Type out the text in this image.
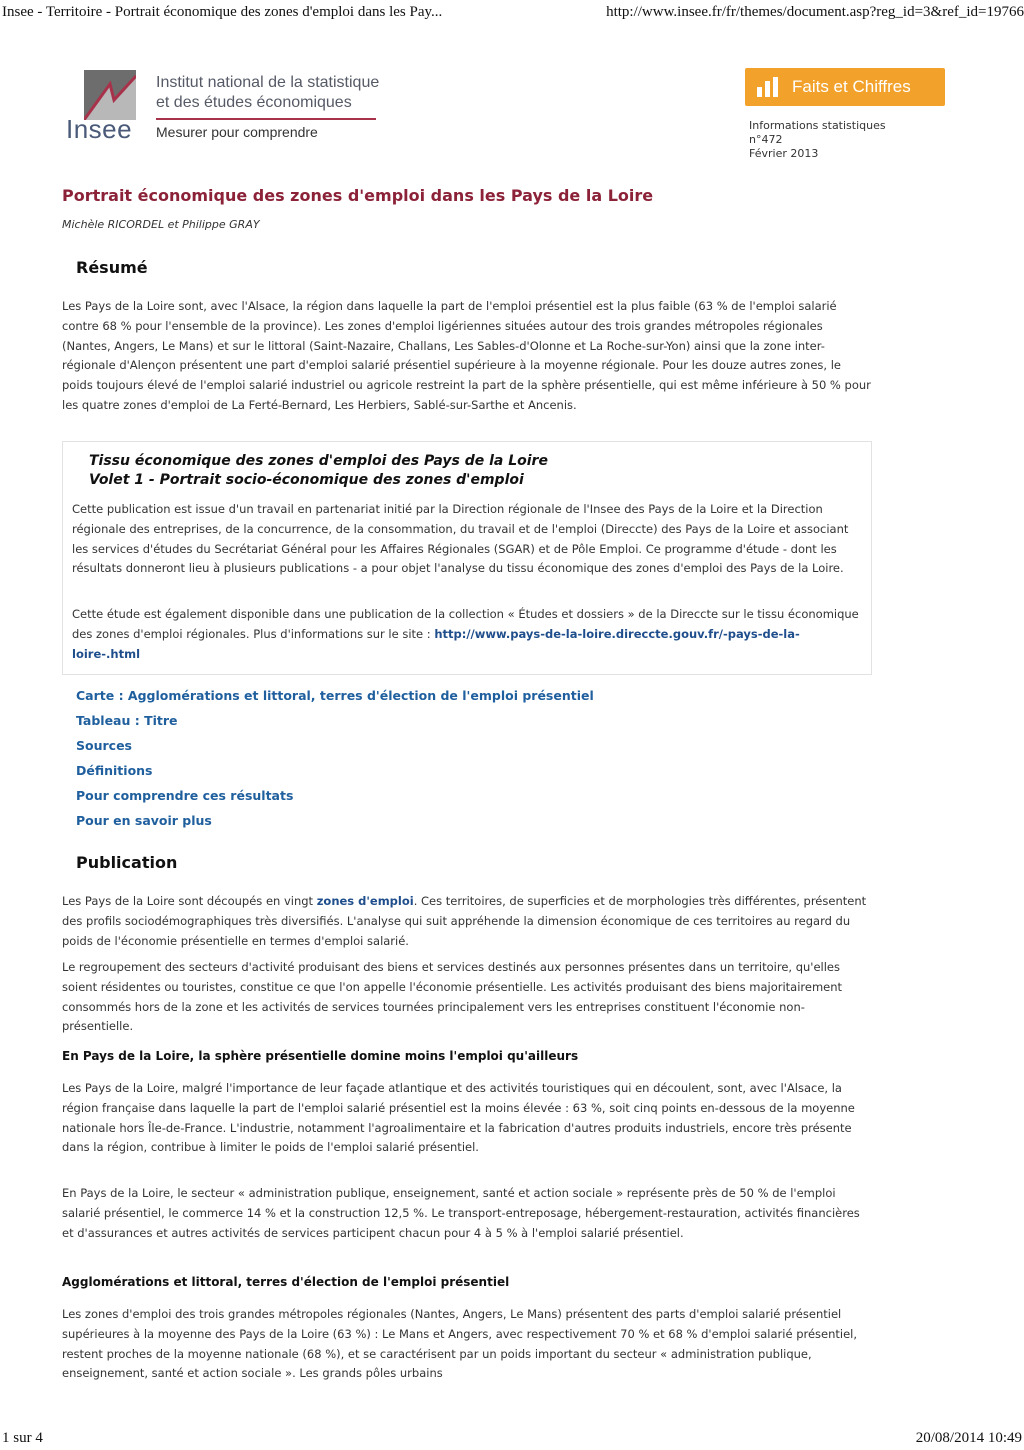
Insee - Territoire - Portrait économique des zones d'emploi dans les Pay...	http://www.insee.fr/fr/themes/document.asp?reg_id=3&ref_id=19766
Insee
Institut national de la statistique
et des études économiques
Mesurer pour comprendre
Faits et Chiffres
Informations statistiques
n°472
Février 2013
Portrait économique des zones d'emploi dans les Pays de la Loire
Michèle RICORDEL et Philippe GRAY
Résumé

Les Pays de la Loire sont, avec l'Alsace, la région dans laquelle la part de l'emploi présentiel est la plus faible (63 % de l'emploi salarié contre 68 % pour l'ensemble de la province). Les zones d'emploi ligériennes situées autour des trois grandes métropoles régionales (Nantes, Angers, Le Mans) et sur le littoral (Saint-Nazaire, Challans, Les Sables-d'Olonne et La Roche-sur-Yon) ainsi que la zone inter-régionale d'Alençon présentent une part d'emploi salarié présentiel supérieure à la moyenne régionale. Pour les douze autres zones, le poids toujours élevé de l'emploi salarié industriel ou agricole restreint la part de la sphère présentielle, qui est même inférieure à 50 % pour les quatre zones d'emploi de La Ferté-Bernard, Les Herbiers, Sablé-sur-Sarthe et Ancenis.

Tissu économique des zones d'emploi des Pays de la Loire
Volet 1 - Portrait socio-économique des zones d'emploi

Cette publication est issue d'un travail en partenariat initié par la Direction régionale de l'Insee des Pays de la Loire et la Direction régionale des entreprises, de la concurrence, de la consommation, du travail et de l'emploi (Direccte) des Pays de la Loire et associant les services d'études du Secrétariat Général pour les Affaires Régionales (SGAR) et de Pôle Emploi. Ce programme d'étude - dont les résultats donneront lieu à plusieurs publications - a pour objet l'analyse du tissu économique des zones d'emploi des Pays de la Loire.

Cette étude est également disponible dans une publication de la collection « Études et dossiers » de la Direccte sur le tissu économique des zones d'emploi régionales. Plus d'informations sur le site : http://www.pays-de-la-loire.direccte.gouv.fr/-pays-de-la-loire-.html

Carte : Agglomérations et littoral, terres d'élection de l'emploi présentiel
Tableau : Titre
Sources
Définitions
Pour comprendre ces résultats
Pour en savoir plus
Publication

Les Pays de la Loire sont découpés en vingt zones d'emploi. Ces territoires, de superficies et de morphologies très différentes, présentent des profils sociodémographiques très diversifiés. L'analyse qui suit appréhende la dimension économique de ces territoires au regard du poids de l'économie présentielle en termes d'emploi salarié.

Le regroupement des secteurs d'activité produisant des biens et services destinés aux personnes présentes dans un territoire, qu'elles soient résidentes ou touristes, constitue ce que l'on appelle l'économie présentielle. Les activités produisant des biens majoritairement consommés hors de la zone et les activités de services tournées principalement vers les entreprises constituent l'économie non-présentielle.

En Pays de la Loire, la sphère présentielle domine moins l'emploi qu'ailleurs

Les Pays de la Loire, malgré l'importance de leur façade atlantique et des activités touristiques qui en découlent, sont, avec l'Alsace, la région française dans laquelle la part de l'emploi salarié présentiel est la moins élevée : 63 %, soit cinq points en-dessous de la moyenne nationale hors Île-de-France. L'industrie, notamment l'agroalimentaire et la fabrication d'autres produits industriels, encore très présente dans la région, contribue à limiter le poids de l'emploi salarié présentiel.

En Pays de la Loire, le secteur « administration publique, enseignement, santé et action sociale » représente près de 50 % de l'emploi salarié présentiel, le commerce 14 % et la construction 12,5 %. Le transport-entreposage, hébergement-restauration, activités financières et d'assurances et autres activités de services participent chacun pour 4 à 5 % à l'emploi salarié présentiel.

Agglomérations et littoral, terres d'élection de l'emploi présentiel

Les zones d'emploi des trois grandes métropoles régionales (Nantes, Angers, Le Mans) présentent des parts d'emploi salarié présentiel supérieures à la moyenne des Pays de la Loire (63 %) : Le Mans et Angers, avec respectivement 70 % et 68 % d'emploi salarié présentiel, restent proches de la moyenne nationale (68 %), et se caractérisent par un poids important du secteur « administration publique, enseignement, santé et action sociale ». Les grands pôles urbains

1 sur 4	20/08/2014 10:49
